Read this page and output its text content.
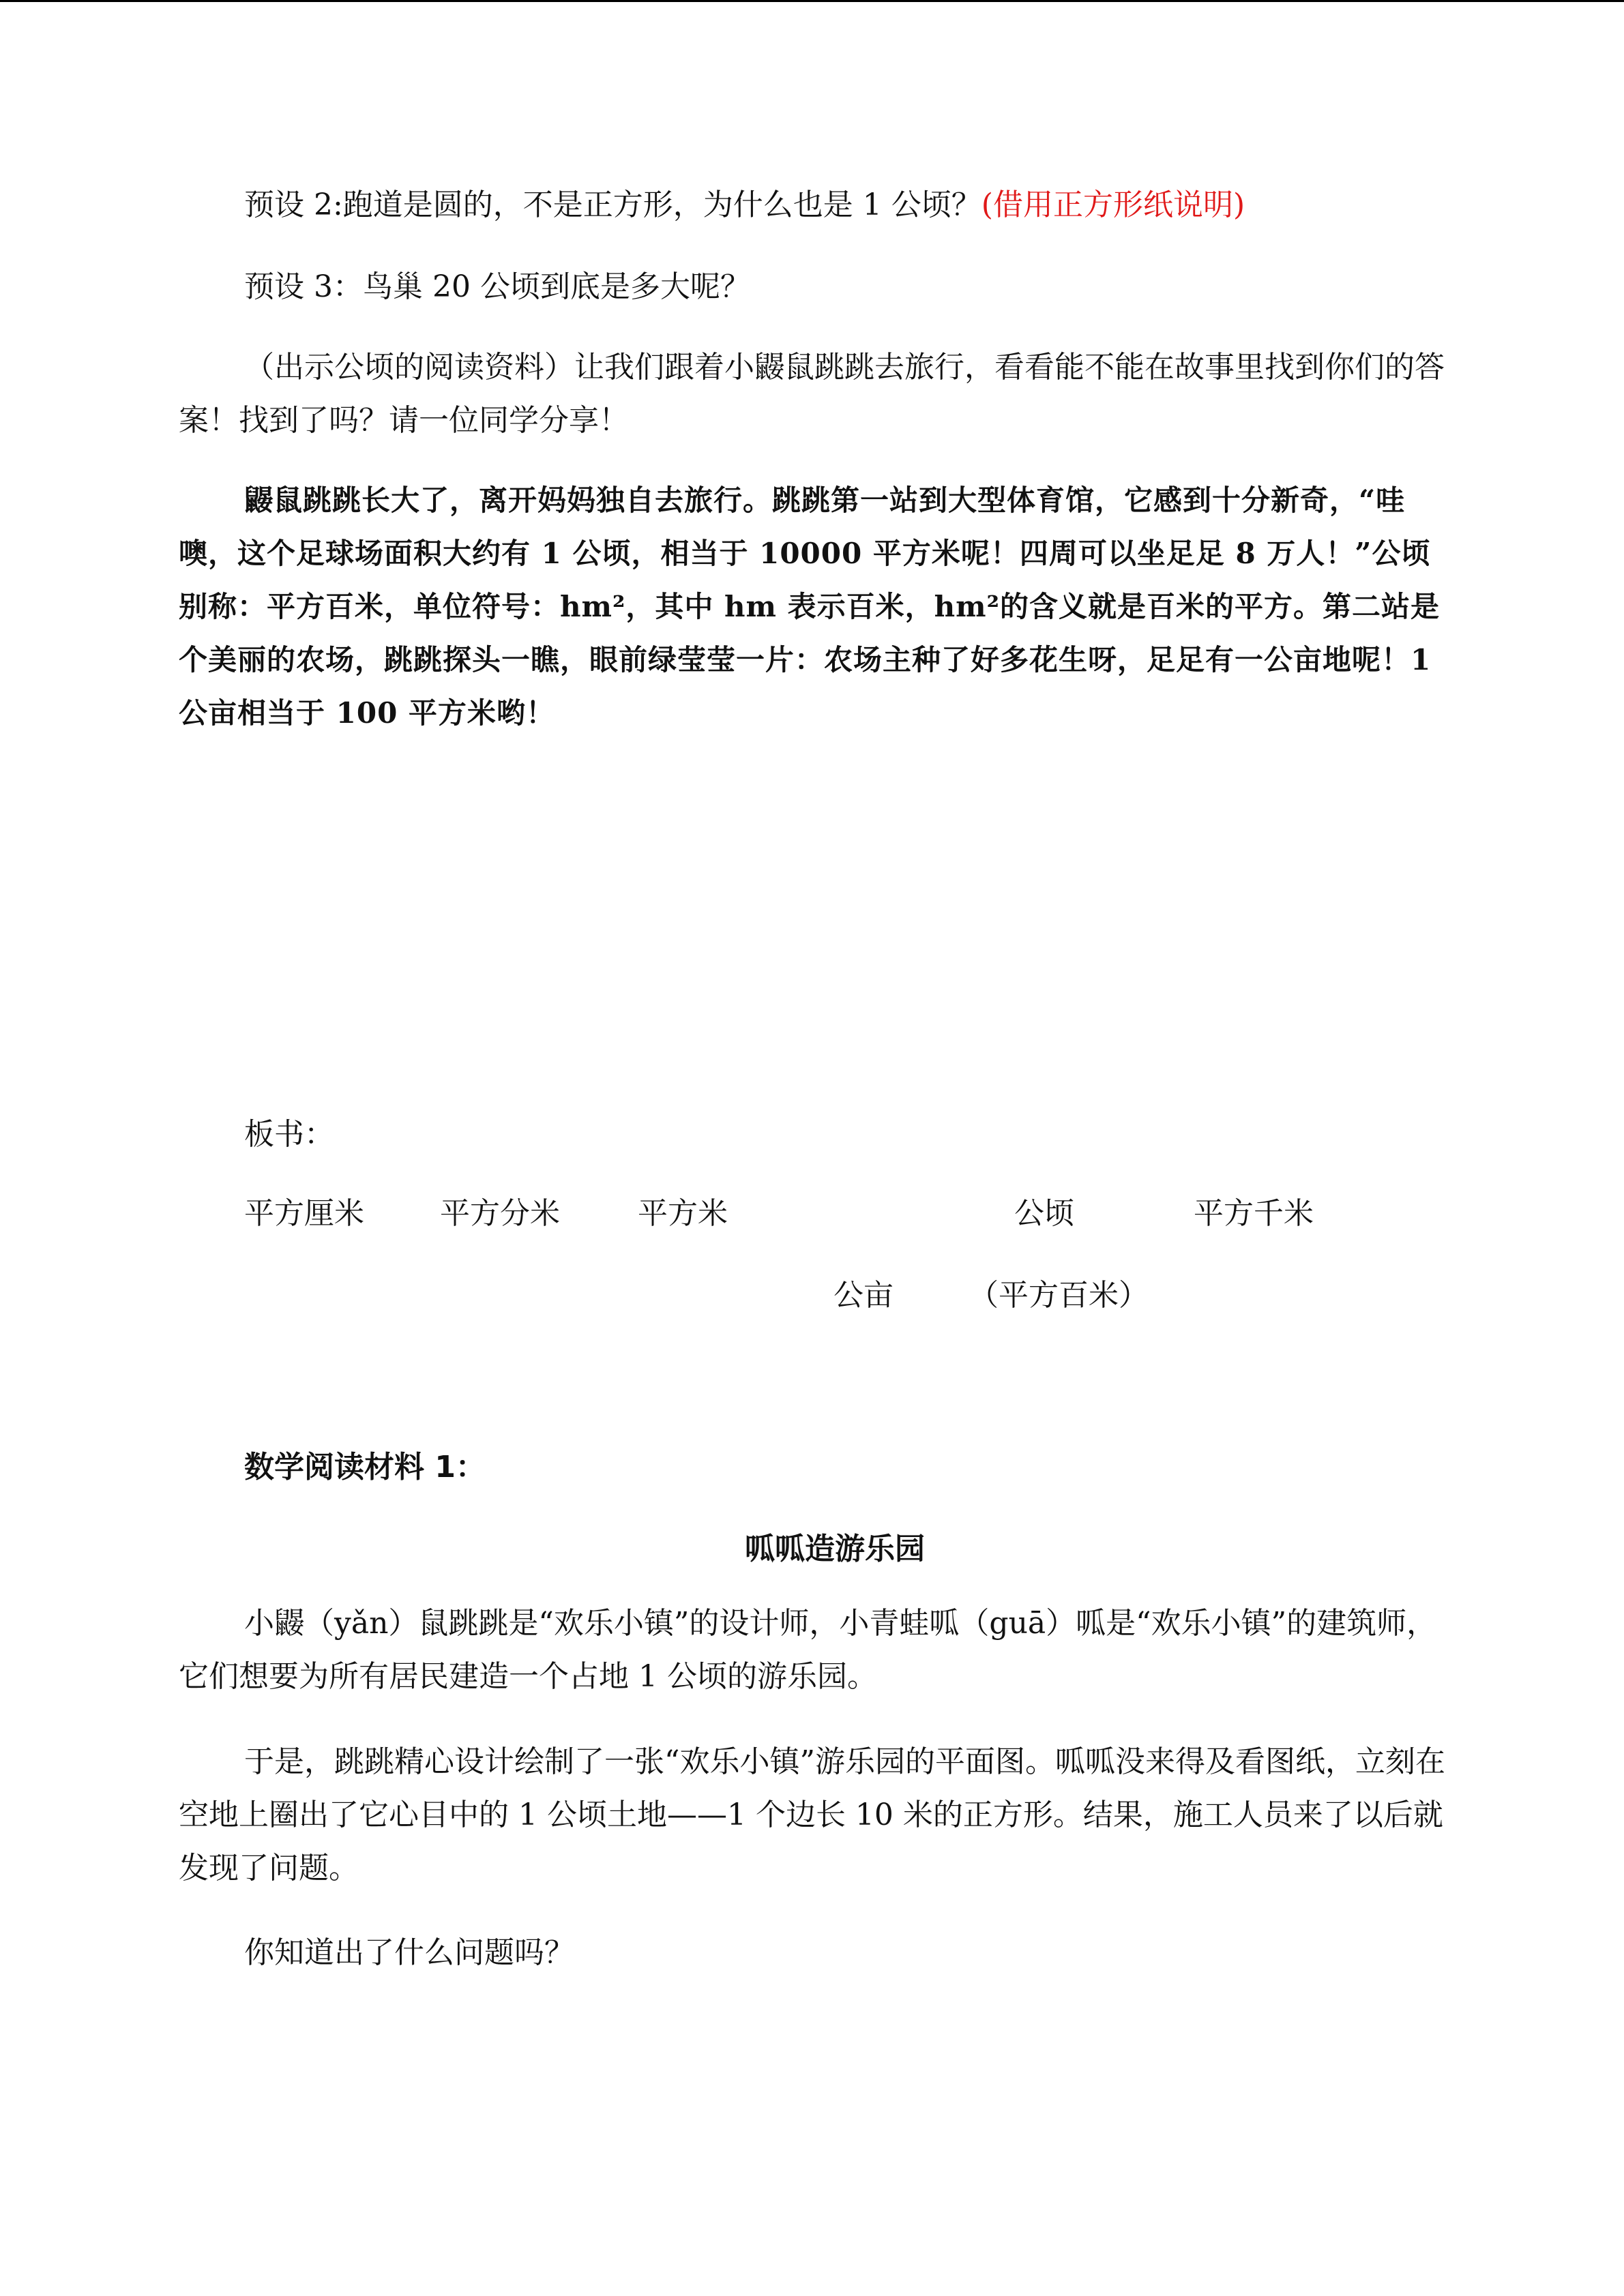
预设 2:跑道是圆的，不是正方形，为什么也是 1 公顷？(借用正方形纸说明)
预设 3：鸟巢 20 公顷到底是多大呢？
（出示公顷的阅读资料）让我们跟着小鼹鼠跳跳去旅行，看看能不能在故事里找到你们的答案！找到了吗？请一位同学分享！
鼹鼠跳跳长大了，离开妈妈独自去旅行。跳跳第一站到大型体育馆，它感到十分新奇，“哇噢，这个足球场面积大约有 1 公顷，相当于 10000 平方米呢！四周可以坐足足 8 万人！”公顷别称：平方百米，单位符号：hm²，其中 hm 表示百米，hm²的含义就是百米的平方。第二站是个美丽的农场，跳跳探头一瞧，眼前绿莹莹一片：农场主种了好多花生呀，足足有一公亩地呢！1 公亩相当于 100 平方米哟！
板书：
平方厘米	平方分米	平方米	公顷	平方千米
公亩	（平方百米）
数学阅读材料 1：
呱呱造游乐园
小鼹（yǎn）鼠跳跳是“欢乐小镇”的设计师，小青蛙呱（guā）呱是“欢乐小镇”的建筑师，它们想要为所有居民建造一个占地 1 公顷的游乐园。
于是，跳跳精心设计绘制了一张“欢乐小镇”游乐园的平面图。呱呱没来得及看图纸，立刻在空地上圈出了它心目中的 1 公顷土地——1 个边长 10 米的正方形。结果，施工人员来了以后就发现了问题。
你知道出了什么问题吗？
